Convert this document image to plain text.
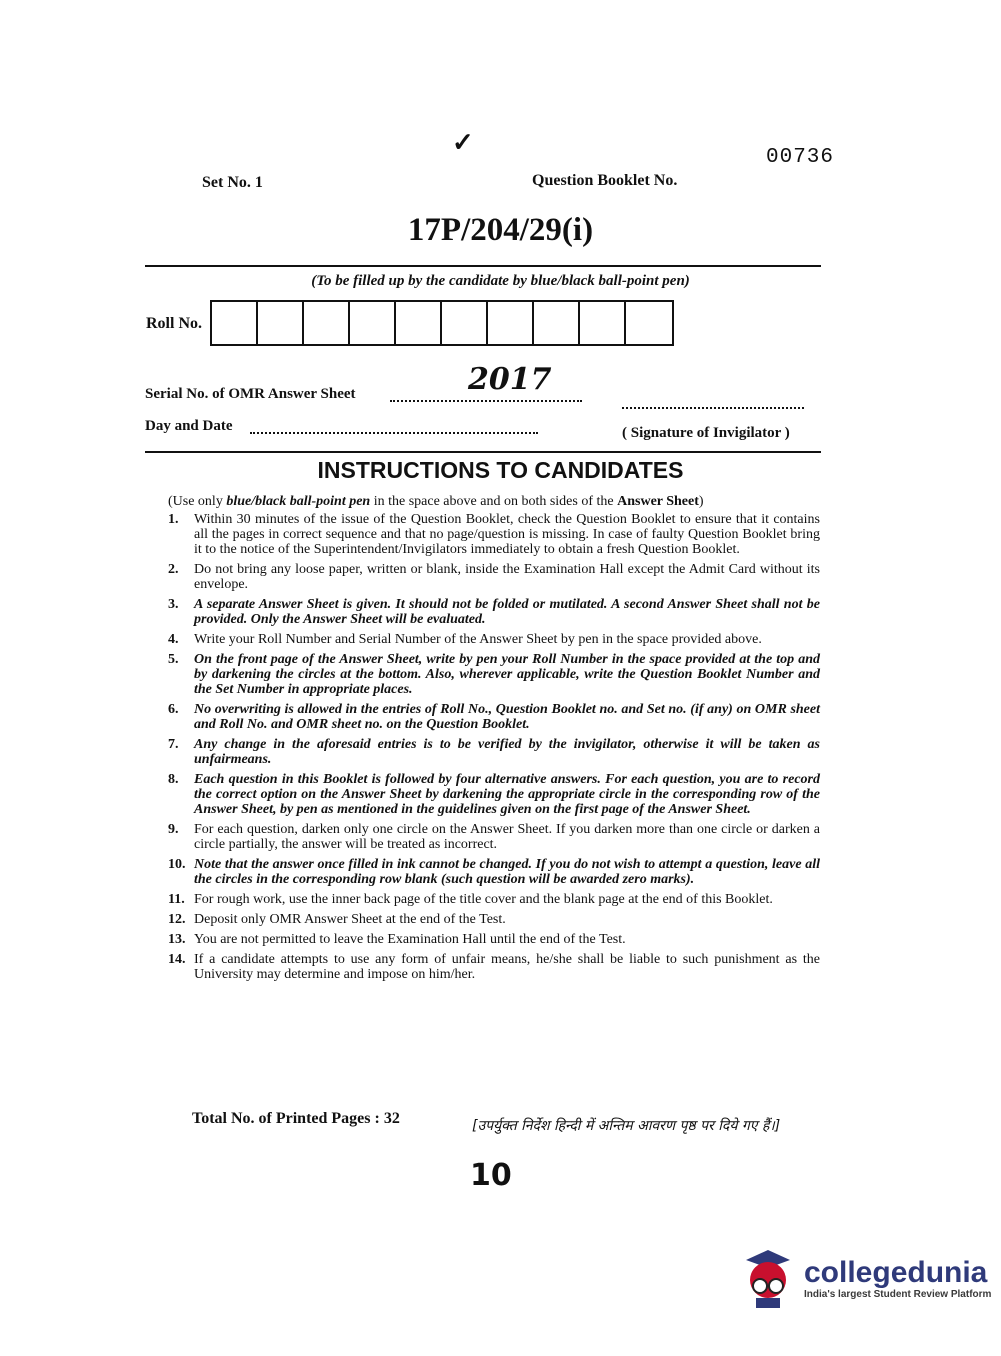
✓
00736
Set No. 1	Question Booklet No.
17P/204/29(i)
(To be filled up by the candidate by blue/black ball-point pen)
Roll No.
Serial No. of OMR Answer Sheet	2017
Day and Date	( Signature of Invigilator )
INSTRUCTIONS TO CANDIDATES
(Use only blue/black ball-point pen in the space above and on both sides of the Answer Sheet)
1.	Within 30 minutes of the issue of the Question Booklet, check the Question Booklet to ensure that it contains all the pages in correct sequence and that no page/question is missing. In case of faulty Question Booklet bring it to the notice of the Superintendent/Invigilators immediately to obtain a fresh Question Booklet.
2.	Do not bring any loose paper, written or blank, inside the Examination Hall except the Admit Card without its envelope.
3.	A separate Answer Sheet is given. It should not be folded or mutilated. A second Answer Sheet shall not be provided. Only the Answer Sheet will be evaluated.
4.	Write your Roll Number and Serial Number of the Answer Sheet by pen in the space provided above.
5.	On the front page of the Answer Sheet, write by pen your Roll Number in the space provided at the top and by darkening the circles at the bottom. Also, wherever applicable, write the Question Booklet Number and the Set Number in appropriate places.
6.	No overwriting is allowed in the entries of Roll No., Question Booklet no. and Set no. (if any) on OMR sheet and Roll No. and OMR sheet no. on the Question Booklet.
7.	Any change in the aforesaid entries is to be verified by the invigilator, otherwise it will be taken as unfairmeans.
8.	Each question in this Booklet is followed by four alternative answers. For each question, you are to record the correct option on the Answer Sheet by darkening the appropriate circle in the corresponding row of the Answer Sheet, by pen as mentioned in the guidelines given on the first page of the Answer Sheet.
9.	For each question, darken only one circle on the Answer Sheet. If you darken more than one circle or darken a circle partially, the answer will be treated as incorrect.
10. Note that the answer once filled in ink cannot be changed. If you do not wish to attempt a question, leave all the circles in the corresponding row blank (such question will be awarded zero marks).
11. For rough work, use the inner back page of the title cover and the blank page at the end of this Booklet.
12. Deposit only OMR Answer Sheet at the end of the Test.
13. You are not permitted to leave the Examination Hall until the end of the Test.
14. If a candidate attempts to use any form of unfair means, he/she shall be liable to such punishment as the University may determine and impose on him/her.
Total No. of Printed Pages : 32	[उपर्युक्त निर्देश हिन्दी में अन्तिम आवरण पृष्ठ पर दिये गए हैं।]
10
collegedunia
India's largest Student Review Platform
